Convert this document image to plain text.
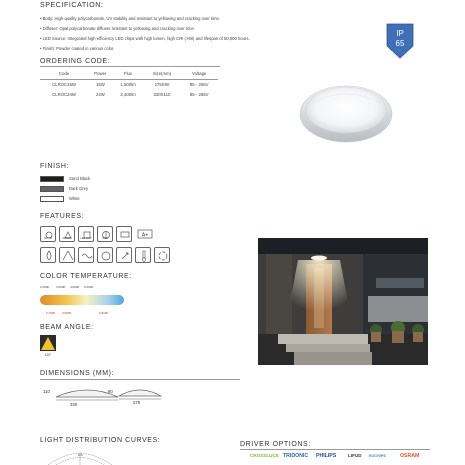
SPECIFICATION:
• Body: High-quality polycarbonate, UV stability and resistant to yellowing and cracking over time.
• Diffuser: Opal polycarbonate diffuser resistant to yellowing and cracking over time.
• LED Source: Integrated high-efficiency LED chips with high lumen, high CRI (>90) and lifespan of 50,000 hours.
• Finish: Powder coated in various color.
IP
65
ORDERING CODE:
Code	Power	Flux	Size(mm)	Voltage
CLROC15W	15W	1,500lm	275X90	85 - 265V
CLROC24W	24W	2,400lm	330X110	85 - 265V
FINISH:
Sand Black
Dark Grey
White
FEATURES:
CRI>90	50,000H	LED CHIP	IP65	A+
COLOR TEMPERATURE:
2,000K 3,000K 4,000K 5,000K
2,700K 3,500K	6,500K
BEAM ANGLE:
120°
DIMENSIONS (MM):
110
330
90
275
LIGHT DISTRIBUTION CURVES:
120
DRIVER OPTIONS:
CROSSLUCE TRIDONIC PHILIPS	LIFUD EUCHIPS	OSRAM
